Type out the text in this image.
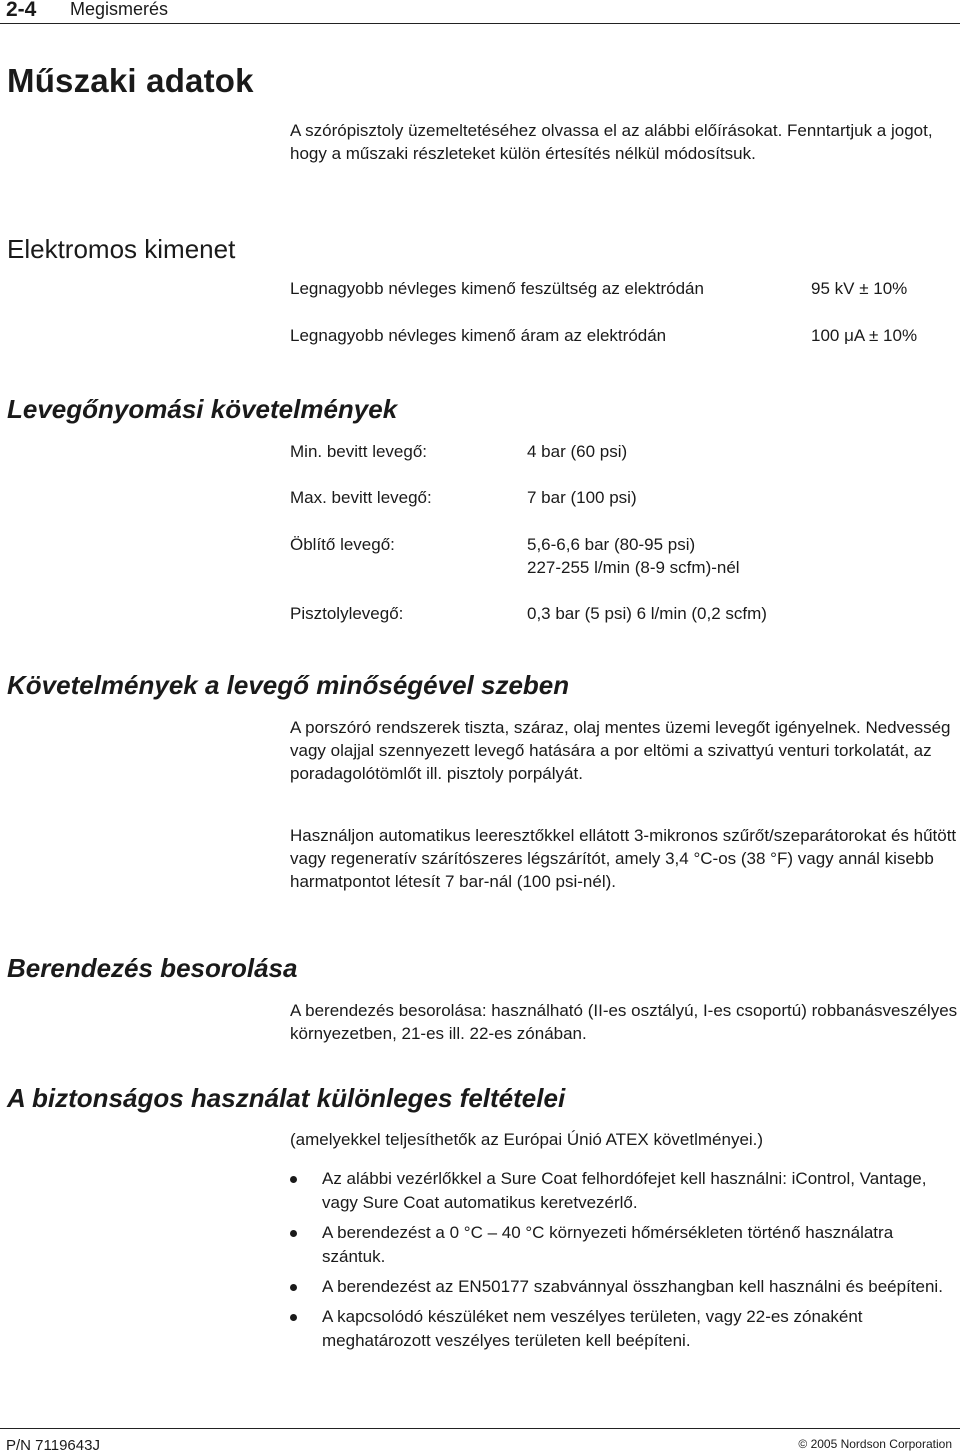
2-4 Megismerés
Műszaki adatok

A szórópisztoly üzemeltetéséhez olvassa el az alábbi előírásokat. Fenntartjuk a jogot, hogy a műszaki részleteket külön értesítés nélkül módosítsuk.

Elektromos kimenet
Legnagyobb névleges kimenő feszültség az elektródán	95 kV ± 10%
Legnagyobb névleges kimenő áram az elektródán	100 μA ± 10%
Levegőnyomási követelmények
Min. bevitt levegő:	4 bar (60 psi)
Max. bevitt levegő:	7 bar (100 psi)
Öblítő levegő:	5,6-6,6 bar (80-95 psi)
227-255 l/min (8-9 scfm)-nél
Pisztolylevegő:	0,3 bar (5 psi) 6 l/min (0,2 scfm)
Követelmények a levegő minőségével szeben

A porszóró rendszerek tiszta, száraz, olaj mentes üzemi levegőt igényelnek. Nedvesség vagy olajjal szennyezett levegő hatására a por eltömi a szivattyú venturi torkolatát, az poradagolótömlőt ill. pisztoly porpályát.

Használjon automatikus leeresztőkkel ellátott 3-mikronos szűrőt/szeparátorokat és hűtött vagy regeneratív szárítószeres légszárítót, amely 3,4 °C-os (38 °F) vagy annál kisebb harmatpontot létesít 7 bar-nál (100 psi-nél).

Berendezés besorolása

A berendezés besorolása: használható (II-es osztályú, I-es csoportú) robbanásveszélyes környezetben, 21-es ill. 22-es zónában.

A biztonságos használat különleges feltételei

(amelyekkel teljesíthetők az Európai Únió ATEX követlményei.)

Az alábbi vezérlőkkel a Sure Coat felhordófejet kell használni: iControl, Vantage, vagy Sure Coat automatikus keretvezérlő.
A berendezést a 0 °C – 40 °C környezeti hőmérsékleten történő használatra szántuk.
A berendezést az EN50177 szabvánnyal összhangban kell használni és beépíteni.
A kapcsolódó készüléket nem veszélyes területen, vagy 22-es zónaként meghatározott veszélyes területen kell beépíteni.
P/N 7119643J	© 2005 Nordson Corporation
